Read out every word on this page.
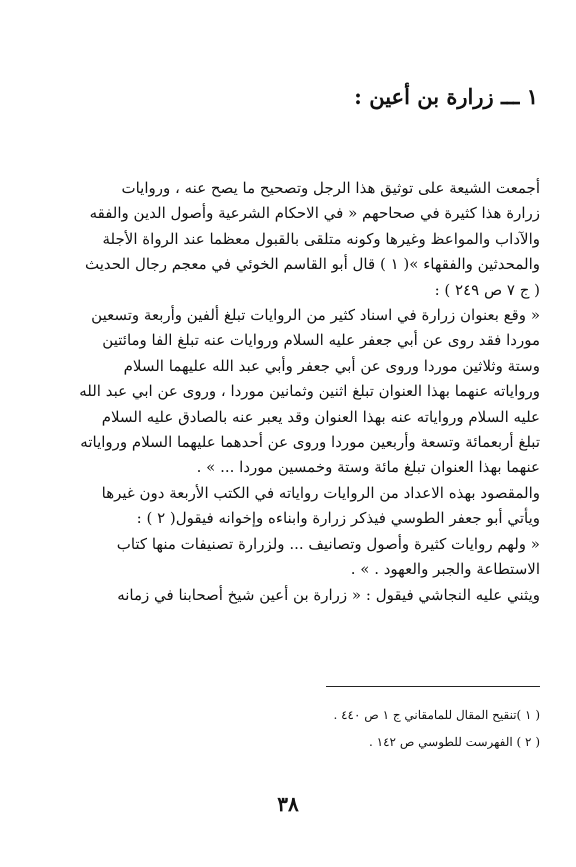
١ ـــ زرارة بن أعين :
أجمعت الشيعة على توثيق هذا الرجل وتصحيح ما يصح عنه ، وروايات
زرارة هذا كثيرة في صحاحهم « في الاحكام الشرعية وأصول الدين والفقه
والآداب والمواعظ وغيرها وكونه متلقى بالقبول معظما عند الرواة الأجلة
والمحدثين والفقهاء »( ١ ) قال أبو القاسم الخوئي في معجم رجال الحديث
( ج ٧ ص ٢٤٩ ) :
« وقع بعنوان زرارة في اسناد كثير من الروايات تبلغ ألفين وأربعة وتسعين
موردا فقد روى عن أبي جعفر عليه السلام وروايات عنه تبلغ الفا ومائتين
وستة وثلاثين موردا وروى عن أبي جعفر وأبي عبد الله عليهما السلام
ورواياته عنهما بهذا العنوان تبلغ اثنين وثمانين موردا ، وروى عن ابي عبد الله
عليه السلام ورواياته عنه بهذا العنوان وقد يعبر عنه بالصادق عليه السلام
تبلغ أربعمائة وتسعة وأربعين موردا وروى عن أحدهما عليهما السلام ورواياته
عنهما بهذا العنوان تبلغ مائة وستة وخمسين موردا ... » .
والمقصود بهذه الاعداد من الروايات رواياته في الكتب الأربعة دون غيرها
ويأتي أبو جعفر الطوسي فيذكر زرارة وابناءه وإخوانه فيقول( ٢ ) :
« ولهم روايات كثيرة وأصول وتصانيف ... ولزرارة تصنيفات منها كتاب
الاستطاعة والجبر والعهود . » .
ويثني عليه النجاشي فيقول : « زرارة بن أعين شيخ أصحابنا في زمانه
( ١ )تنقيح المقال للمامقاني ج ١ ص ٤٤٠ .
( ٢ ) الفهرست للطوسي ص ١٤٢ .
٣٨
